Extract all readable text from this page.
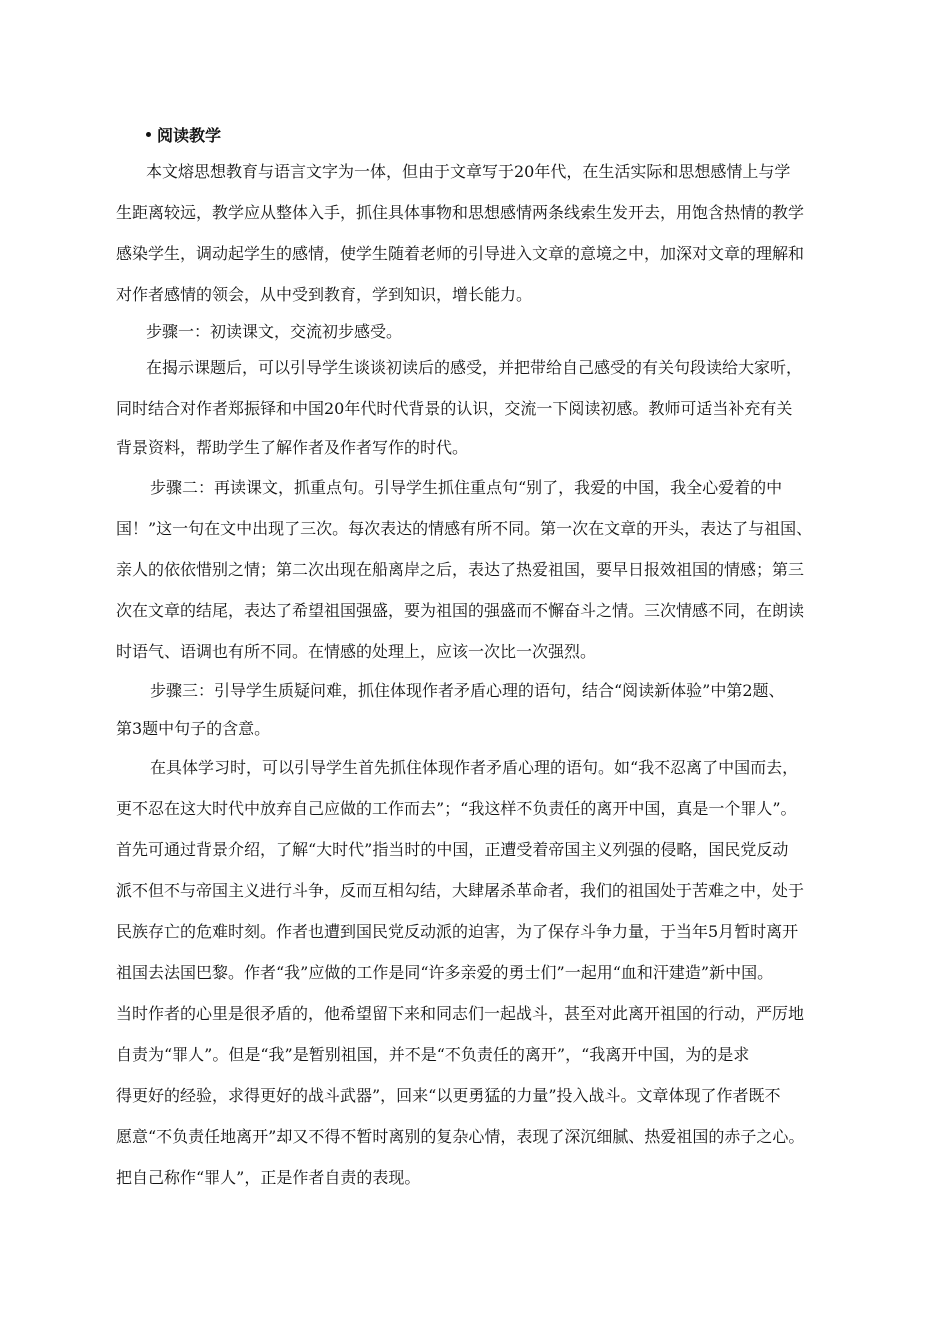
阅读教学
本文熔思想教育与语言文字为一体，但由于文章写于20年代，在生活实际和思想感情上与学
生距离较远，教学应从整体入手，抓住具体事物和思想感情两条线索生发开去，用饱含热情的教学
感染学生，调动起学生的感情，使学生随着老师的引导进入文章的意境之中，加深对文章的理解和
对作者感情的领会，从中受到教育，学到知识，增长能力。
步骤一：初读课文，交流初步感受。
在揭示课题后，可以引导学生谈谈初读后的感受，并把带给自己感受的有关句段读给大家听，
同时结合对作者郑振铎和中国20年代时代背景的认识，交流一下阅读初感。教师可适当补充有关
背景资料，帮助学生了解作者及作者写作的时代。
步骤二：再读课文，抓重点句。引导学生抓住重点句“别了，我爱的中国，我全心爱着的中
国！”这一句在文中出现了三次。每次表达的情感有所不同。第一次在文章的开头，表达了与祖国、
亲人的依依惜别之情；第二次出现在船离岸之后，表达了热爱祖国，要早日报效祖国的情感；第三
次在文章的结尾，表达了希望祖国强盛，要为祖国的强盛而不懈奋斗之情。三次情感不同，在朗读
时语气、语调也有所不同。在情感的处理上，应该一次比一次强烈。
步骤三：引导学生质疑问难，抓住体现作者矛盾心理的语句，结合“阅读新体验”中第2题、
第3题中句子的含意。
在具体学习时，可以引导学生首先抓住体现作者矛盾心理的语句。如“我不忍离了中国而去，
更不忍在这大时代中放弃自己应做的工作而去”；“我这样不负责任的离开中国，真是一个罪人”。
首先可通过背景介绍，了解“大时代”指当时的中国，正遭受着帝国主义列强的侵略，国民党反动
派不但不与帝国主义进行斗争，反而互相勾结，大肆屠杀革命者，我们的祖国处于苦难之中，处于
民族存亡的危难时刻。作者也遭到国民党反动派的迫害，为了保存斗争力量，于当年5月暂时离开
祖国去法国巴黎。作者“我”应做的工作是同“许多亲爱的勇士们”一起用“血和汗建造”新中国。
当时作者的心里是很矛盾的，他希望留下来和同志们一起战斗，甚至对此离开祖国的行动，严厉地
自责为“罪人”。但是“我”是暂别祖国，并不是“不负责任的离开”，“我离开中国，为的是求
得更好的经验，求得更好的战斗武器”，回来“以更勇猛的力量”投入战斗。文章体现了作者既不
愿意“不负责任地离开”却又不得不暂时离别的复杂心情，表现了深沉细腻、热爱祖国的赤子之心。
把自己称作“罪人”，正是作者自责的表现。
